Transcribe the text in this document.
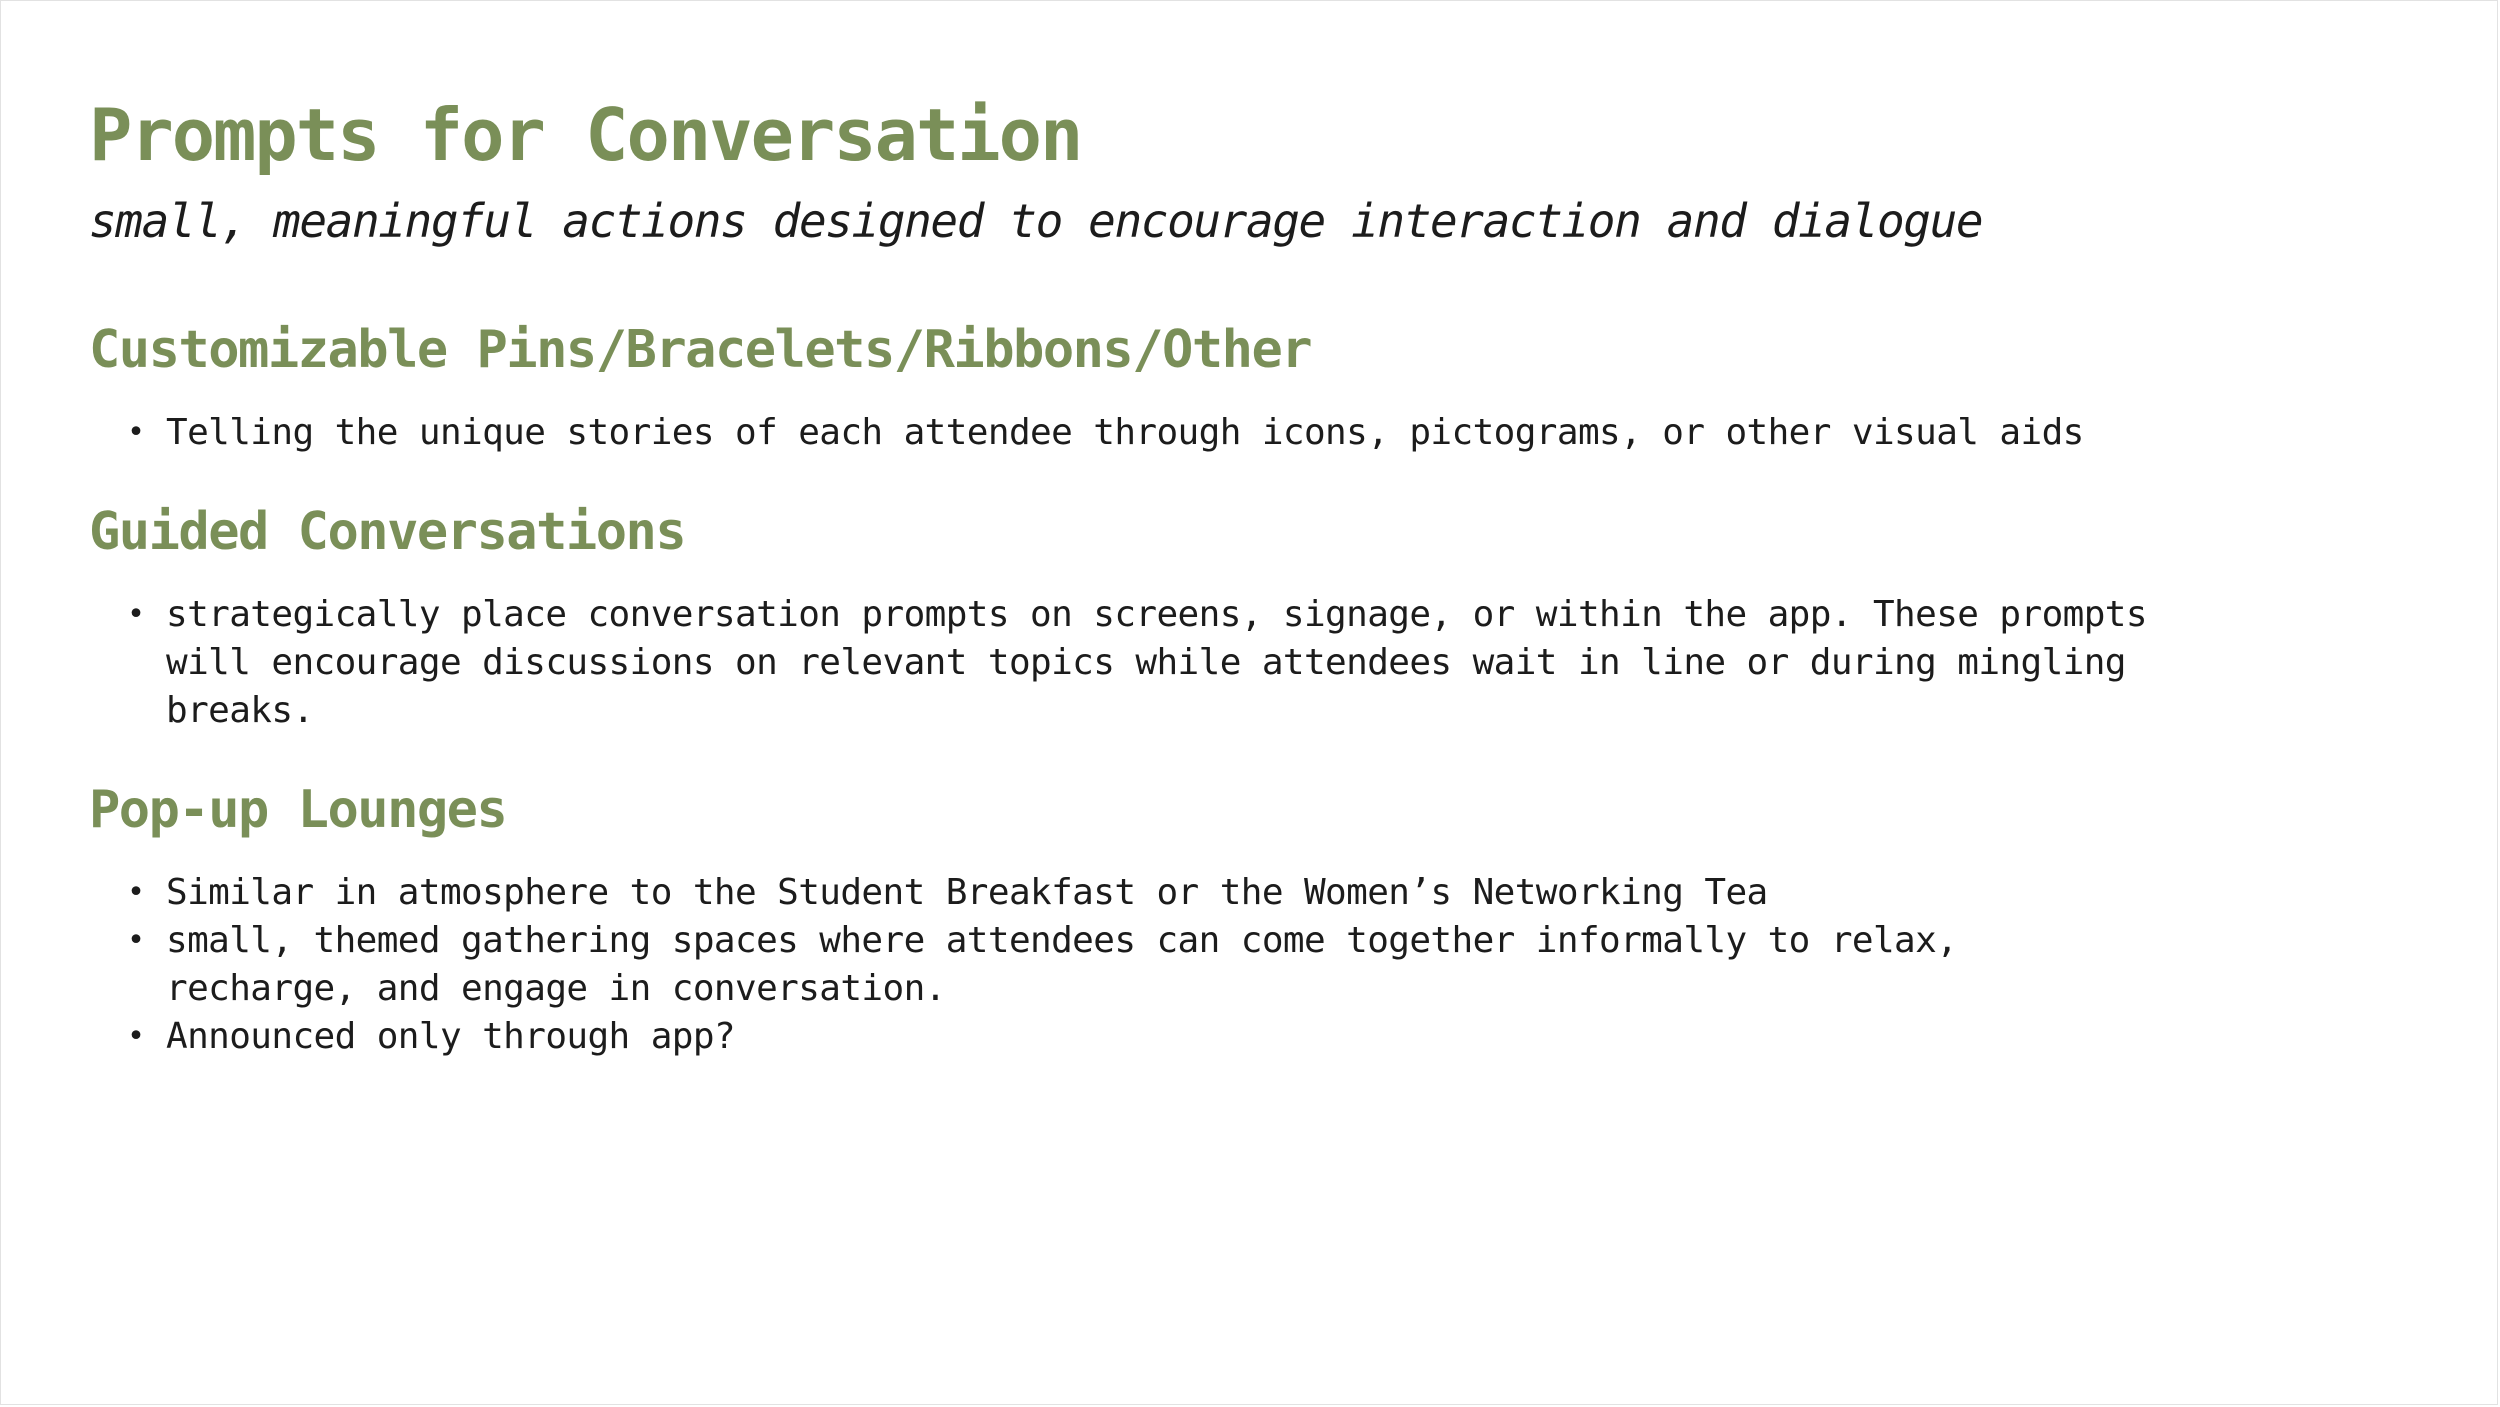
Prompts for Conversation
small, meaningful actions designed to encourage interaction and dialogue
Customizable Pins/Bracelets/Ribbons/Other
• Telling the unique stories of each attendee through icons, pictograms, or other visual aids
Guided Conversations
• strategically place conversation prompts on screens, signage, or within the app. These prompts will encourage discussions on relevant topics while attendees wait in line or during mingling breaks.
Pop-up Lounges
• Similar in atmosphere to the Student Breakfast or the Women’s Networking Tea
• small, themed gathering spaces where attendees can come together informally to relax, recharge, and engage in conversation.
• Announced only through app?
